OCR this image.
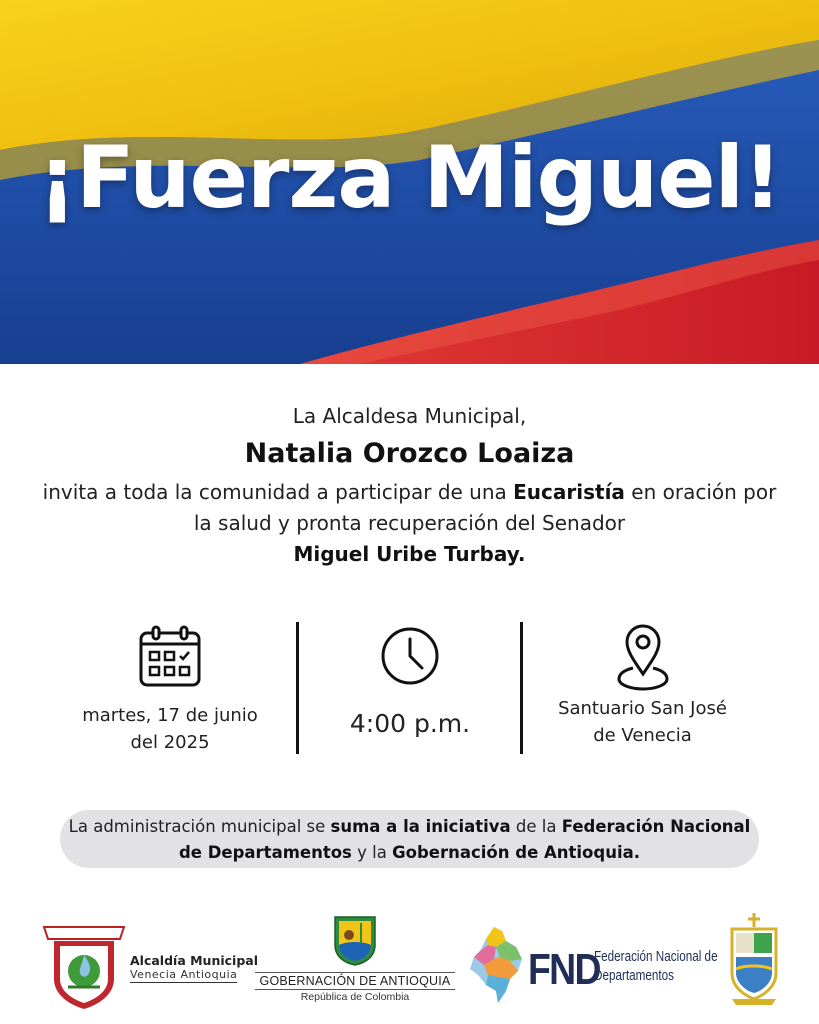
¡Fuerza Miguel!
La Alcaldesa Municipal,
Natalia Orozco Loaiza
invita a toda la comunidad a participar de una Eucaristía en oración por la salud y pronta recuperación del Senador
Miguel Uribe Turbay.
martes, 17 de junio
del 2025
4:00 p.m.
Santuario San José
de Venecia
La administración municipal se suma a la iniciativa de la Federación Nacional de Departamentos y la Gobernación de Antioquia.
Alcaldía Municipal
Venecia Antioquia	GOBERNACIÓN DE ANTIOQUIA
República de Colombia
FND
Federación Nacional de
Departamentos
